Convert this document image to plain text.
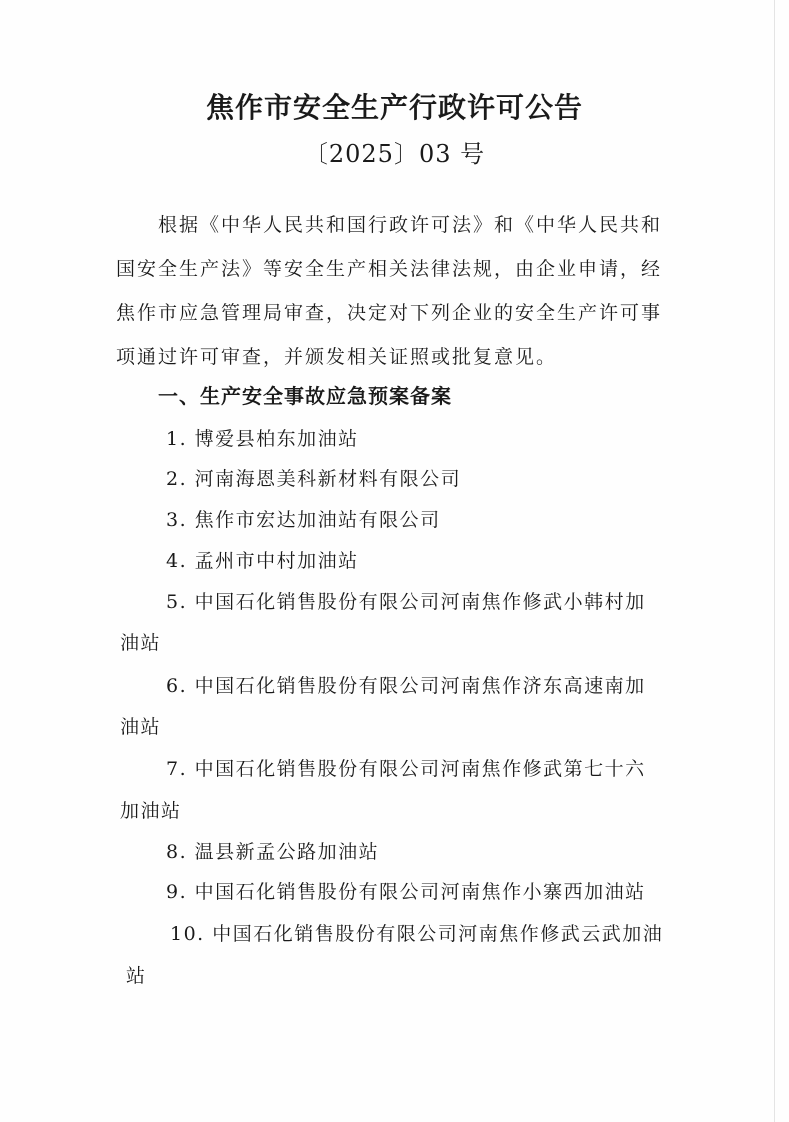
焦作市安全生产行政许可公告
〔2025〕03 号
根据《中华人民共和国行政许可法》和《中华人民共和
国安全生产法》等安全生产相关法律法规，由企业申请，经
焦作市应急管理局审查，决定对下列企业的安全生产许可事
项通过许可审查，并颁发相关证照或批复意见。
一、生产安全事故应急预案备案
1. 博爱县柏东加油站
2. 河南海恩美科新材料有限公司
3. 焦作市宏达加油站有限公司
4. 孟州市中村加油站
5. 中国石化销售股份有限公司河南焦作修武小韩村加
油站
6. 中国石化销售股份有限公司河南焦作济东高速南加
油站
7. 中国石化销售股份有限公司河南焦作修武第七十六
加油站
8. 温县新孟公路加油站
9. 中国石化销售股份有限公司河南焦作小寨西加油站
10. 中国石化销售股份有限公司河南焦作修武云武加油
站
